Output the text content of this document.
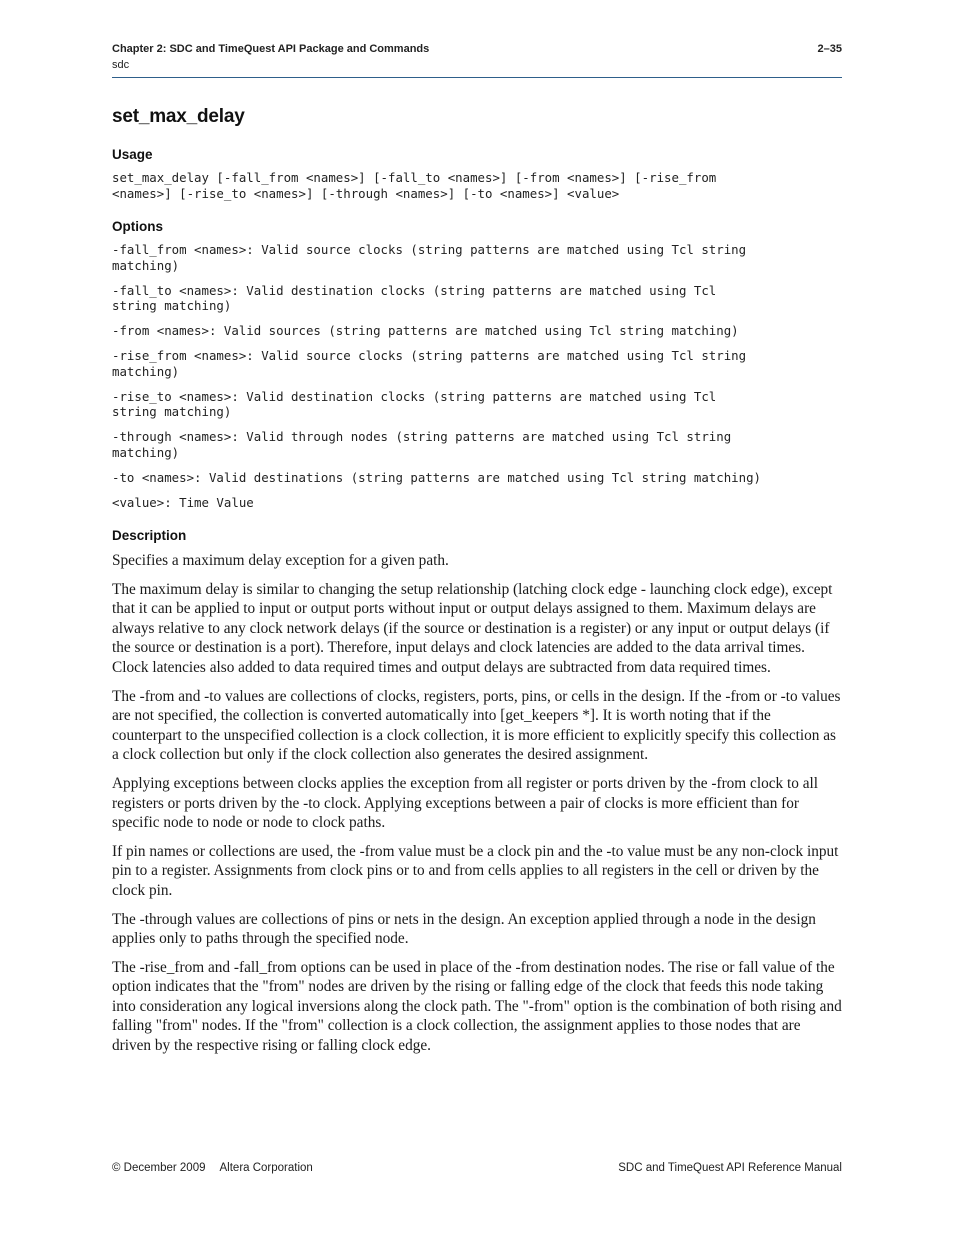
Chapter 2: SDC and TimeQuest API Package and Commands
sdc
2–35
set_max_delay
Usage
set_max_delay [-fall_from <names>] [-fall_to <names>] [-from <names>] [-rise_from
<names>] [-rise_to <names>] [-through <names>] [-to <names>] <value>
Options
-fall_from <names>: Valid source clocks (string patterns are matched using Tcl string
matching)
-fall_to <names>: Valid destination clocks (string patterns are matched using Tcl
string matching)
-from <names>: Valid sources (string patterns are matched using Tcl string matching)
-rise_from <names>: Valid source clocks (string patterns are matched using Tcl string
matching)
-rise_to <names>: Valid destination clocks (string patterns are matched using Tcl
string matching)
-through <names>: Valid through nodes (string patterns are matched using Tcl string
matching)
-to <names>: Valid destinations (string patterns are matched using Tcl string matching)
<value>: Time Value
Description

Specifies a maximum delay exception for a given path.

The maximum delay is similar to changing the setup relationship (latching clock edge - launching clock edge), except that it can be applied to input or output ports without input or output delays assigned to them. Maximum delays are always relative to any clock network delays (if the source or destination is a register) or any input or output delays (if the source or destination is a port). Therefore, input delays and clock latencies are added to the data arrival times. Clock latencies also added to data required times and output delays are subtracted from data required times.

The -from and -to values are collections of clocks, registers, ports, pins, or cells in the design. If the -from or -to values are not specified, the collection is converted automatically into [get_keepers *]. It is worth noting that if the counterpart to the unspecified collection is a clock collection, it is more efficient to explicitly specify this collection as a clock collection but only if the clock collection also generates the desired assignment.

Applying exceptions between clocks applies the exception from all register or ports driven by the -from clock to all registers or ports driven by the -to clock. Applying exceptions between a pair of clocks is more efficient than for specific node to node or node to clock paths.

If pin names or collections are used, the -from value must be a clock pin and the -to value must be any non-clock input pin to a register. Assignments from clock pins or to and from cells applies to all registers in the cell or driven by the clock pin.

The -through values are collections of pins or nets in the design. An exception applied through a node in the design applies only to paths through the specified node.

The -rise_from and -fall_from options can be used in place of the -from destination nodes. The rise or fall value of the option indicates that the "from" nodes are driven by the rising or falling edge of the clock that feeds this node taking into consideration any logical inversions along the clock path. The "-from" option is the combination of both rising and falling "from" nodes. If the "from" collection is a clock collection, the assignment applies to those nodes that are driven by the respective rising or falling clock edge.

© December 2009 Altera Corporation	SDC and TimeQuest API Reference Manual
